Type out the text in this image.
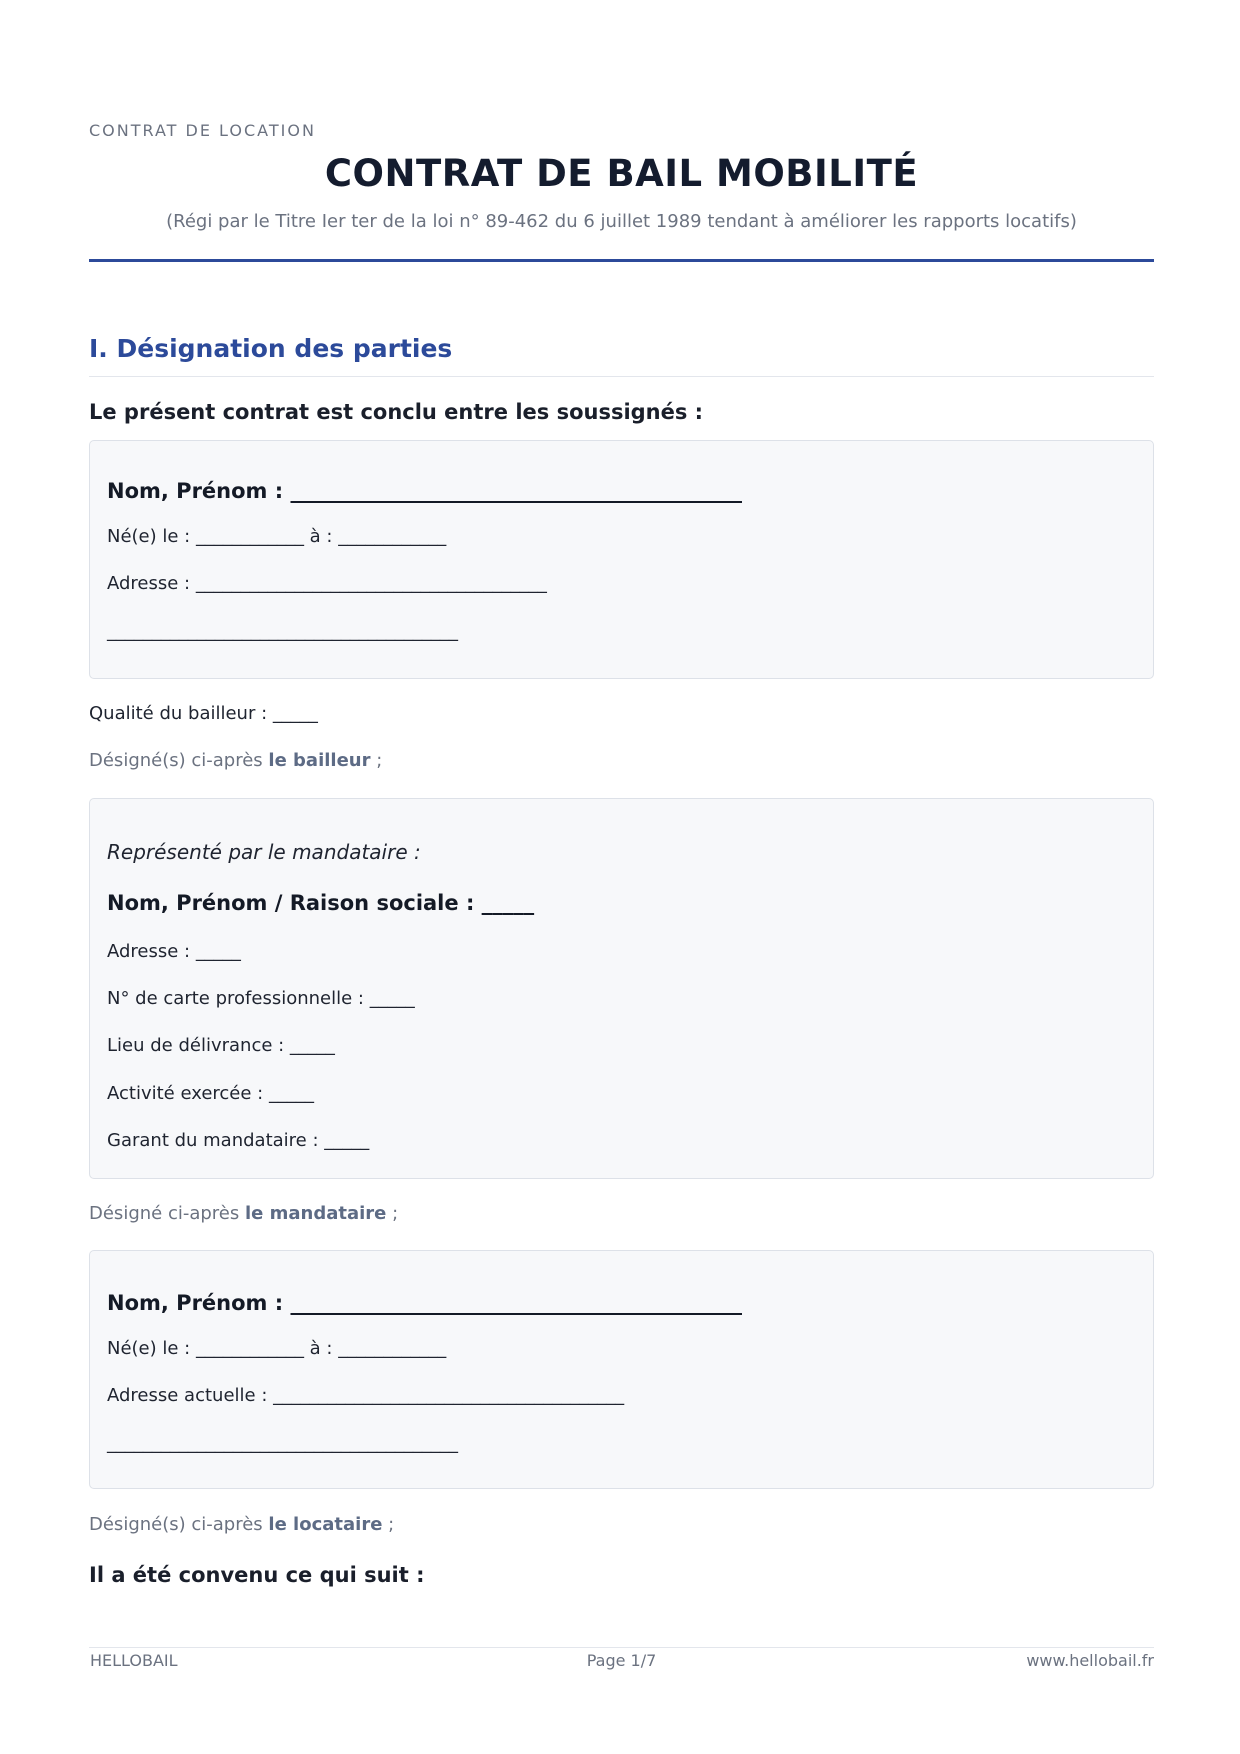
CONTRAT DE LOCATION
CONTRAT DE BAIL MOBILITÉ
(Régi par le Titre Ier ter de la loi n° 89-462 du 6 juillet 1989 tendant à améliorer les rapports locatifs)
I. Désignation des parties
Le présent contrat est conclu entre les soussignés :
Nom, Prénom : ___________________________________________
Né(e) le : ____________ à : ____________
Adresse : _______________________________________
_______________________________________
Qualité du bailleur : _____
Désigné(s) ci-après le bailleur ;
Représenté par le mandataire :
Nom, Prénom / Raison sociale : _____
Adresse : _____
N° de carte professionnelle : _____
Lieu de délivrance : _____
Activité exercée : _____
Garant du mandataire : _____
Désigné ci-après le mandataire ;
Nom, Prénom : ___________________________________________
Né(e) le : ____________ à : ____________
Adresse actuelle : _______________________________________
_______________________________________
Désigné(s) ci-après le locataire ;
Il a été convenu ce qui suit :
HELLOBAIL	Page 1/7	www.hellobail.fr
